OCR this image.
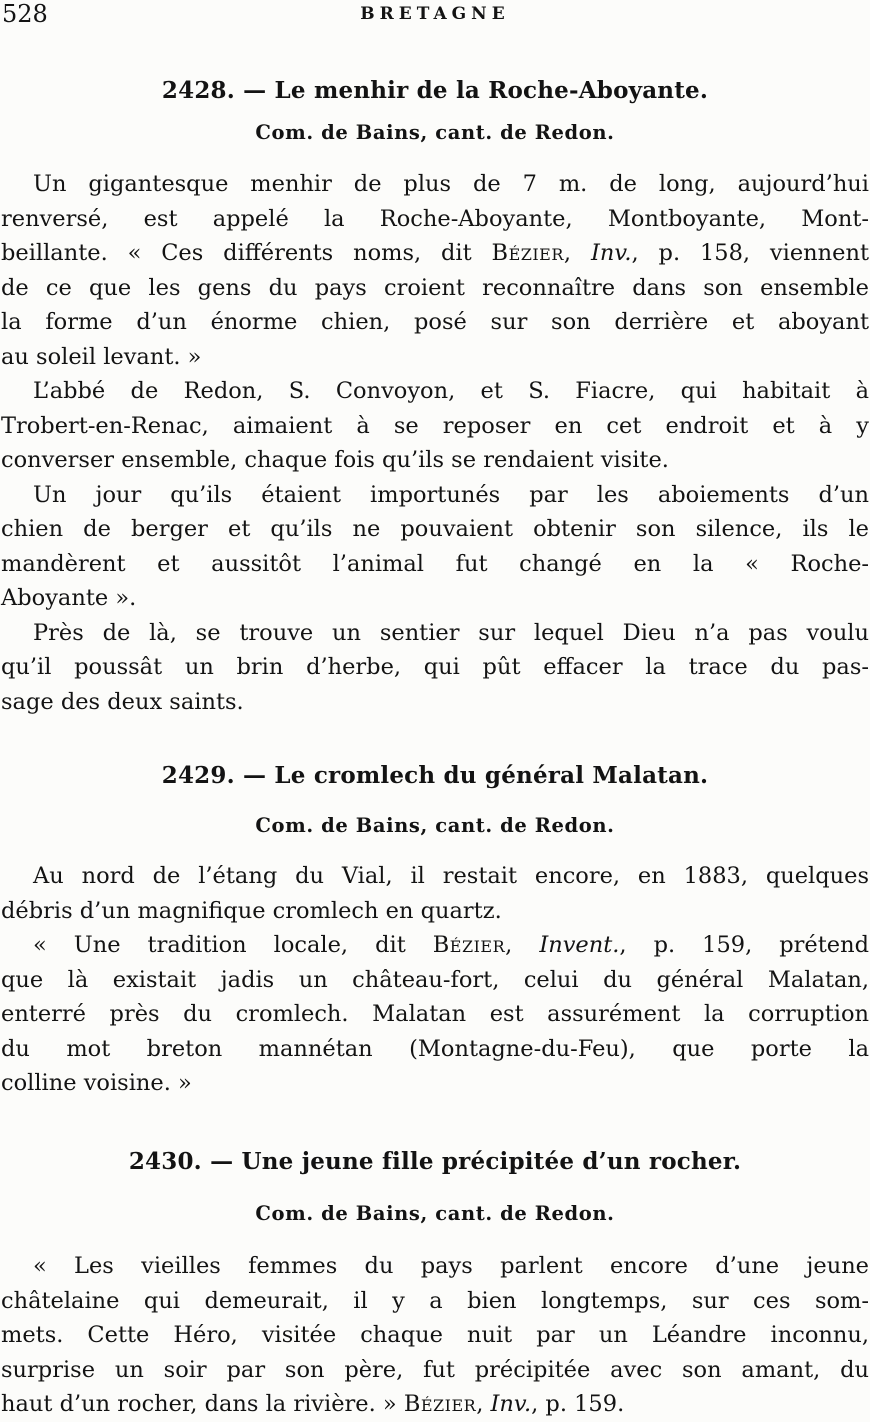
528	BRETAGNE
2428. — Le menhir de la Roche-Aboyante.
Com. de Bains, cant. de Redon.
Un gigantesque menhir de plus de 7 m. de long, aujourd’hui
renversé, est appelé la Roche-Aboyante, Montboyante, Mont-
beillante. « Ces différents noms, dit Bézier, Inv., p. 158, viennent
de ce que les gens du pays croient reconnaître dans son ensemble
la forme d’un énorme chien, posé sur son derrière et aboyant
au soleil levant. »
L’abbé de Redon, S. Convoyon, et S. Fiacre, qui habitait à
Trobert-en-Renac, aimaient à se reposer en cet endroit et à y
converser ensemble, chaque fois qu’ils se rendaient visite.
Un jour qu’ils étaient importunés par les aboiements d’un
chien de berger et qu’ils ne pouvaient obtenir son silence, ils le
mandèrent et aussitôt l’animal fut changé en la « Roche-
Aboyante ».
Près de là, se trouve un sentier sur lequel Dieu n’a pas voulu
qu’il poussât un brin d’herbe, qui pût effacer la trace du pas-
sage des deux saints.
2429. — Le cromlech du général Malatan.
Com. de Bains, cant. de Redon.
Au nord de l’étang du Vial, il restait encore, en 1883, quelques
débris d’un magnifique cromlech en quartz.
« Une tradition locale, dit Bézier, Invent., p. 159, prétend
que là existait jadis un château-fort, celui du général Malatan,
enterré près du cromlech. Malatan est assurément la corruption
du mot breton mannétan (Montagne-du-Feu), que porte la
colline voisine. »
2430. — Une jeune fille précipitée d’un rocher.
Com. de Bains, cant. de Redon.
« Les vieilles femmes du pays parlent encore d’une jeune
châtelaine qui demeurait, il y a bien longtemps, sur ces som-
mets. Cette Héro, visitée chaque nuit par un Léandre inconnu,
surprise un soir par son père, fut précipitée avec son amant, du
haut d’un rocher, dans la rivière. » Bézier, Inv., p. 159.
